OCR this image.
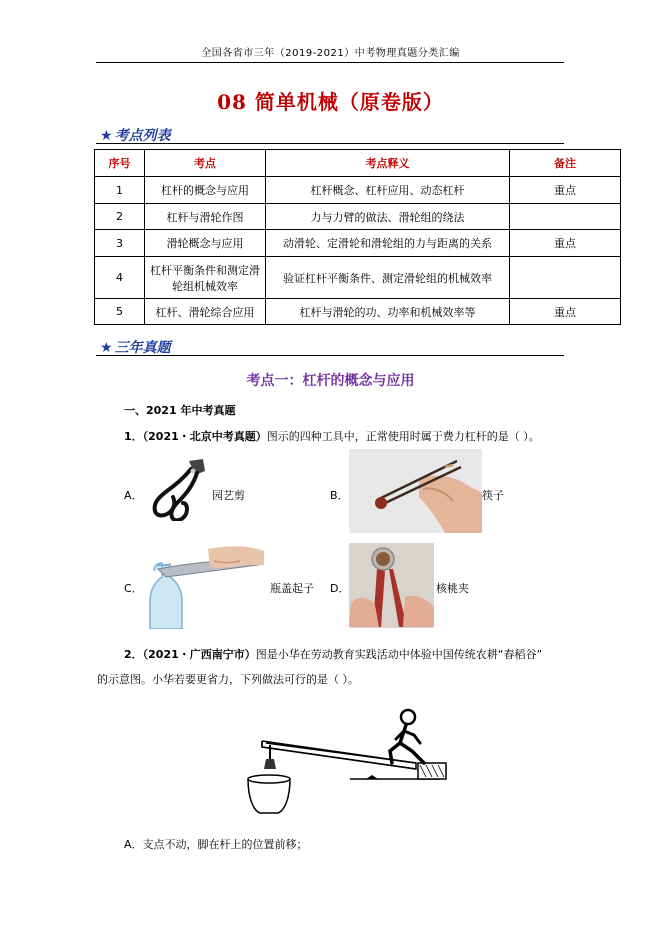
全国各省市三年（2019-2021）中考物理真题分类汇编
08 简单机械（原卷版）
★ 考点列表
序号	考点	考点释义	备注
1	杠杆的概念与应用	杠杆概念、杠杆应用、动态杠杆	重点
2	杠杆与滑轮作图	力与力臂的做法、滑轮组的绕法	
3	滑轮概念与应用	动滑轮、定滑轮和滑轮组的力与距离的关系	重点
4	杠杆平衡条件和测定滑轮组机械效率	验证杠杆平衡条件、测定滑轮组的机械效率	
5	杠杆、滑轮综合应用	杠杆与滑轮的功、功率和机械效率等	重点
★ 三年真题
考点一：杠杆的概念与应用
一、2021 年中考真题
1．（2021・北京中考真题）图示的四种工具中，正常使用时属于费力杠杆的是（ ）。
A．	园艺剪	B．	筷子
C．	瓶盖起子 D．	核桃夹
2．（2021・广西南宁市）图是小华在劳动教育实践活动中体验中国传统农耕“舂稻谷”
的示意图。小华若要更省力，下列做法可行的是（ ）。
A．支点不动，脚在杆上的位置前移；
